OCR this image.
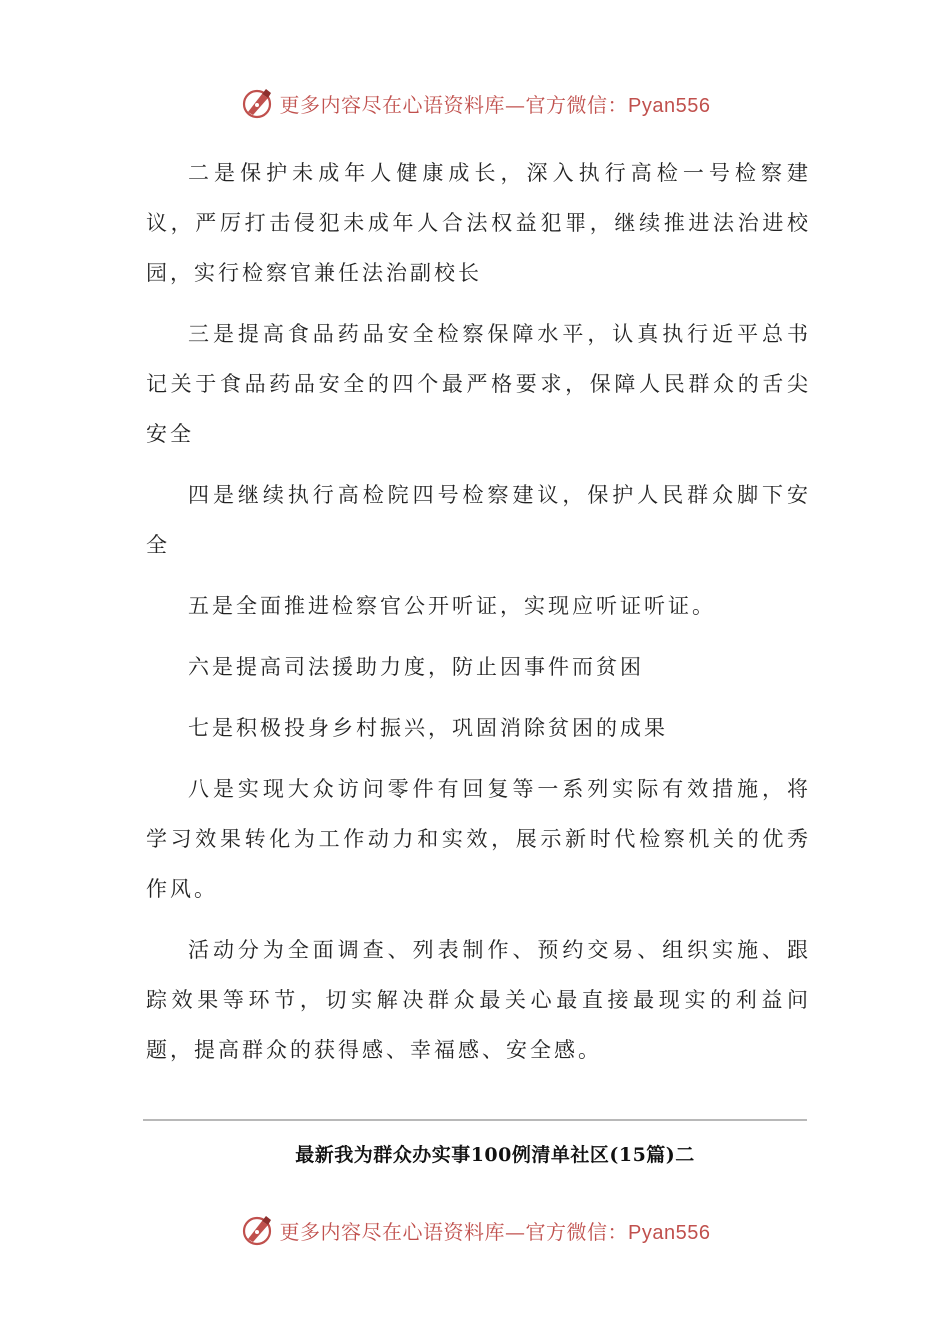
更多内容尽在心语资料库—官方微信：Pyan556

二是保护未成年人健康成长，深入执行高检一号检察建议，严厉打击侵犯未成年人合法权益犯罪，继续推进法治进校园，实行检察官兼任法治副校长

三是提高食品药品安全检察保障水平，认真执行近平总书记关于食品药品安全的四个最严格要求，保障人民群众的舌尖安全

四是继续执行高检院四号检察建议，保护人民群众脚下安全

五是全面推进检察官公开听证，实现应听证听证。

六是提高司法援助力度，防止因事件而贫困

七是积极投身乡村振兴，巩固消除贫困的成果

八是实现大众访问零件有回复等一系列实际有效措施，将学习效果转化为工作动力和实效，展示新时代检察机关的优秀作风。

活动分为全面调查、列表制作、预约交易、组织实施、跟踪效果等环节，切实解决群众最关心最直接最现实的利益问题，提高群众的获得感、幸福感、安全感。

最新我为群众办实事100例清单社区(15篇)二
更多内容尽在心语资料库—官方微信：Pyan556
